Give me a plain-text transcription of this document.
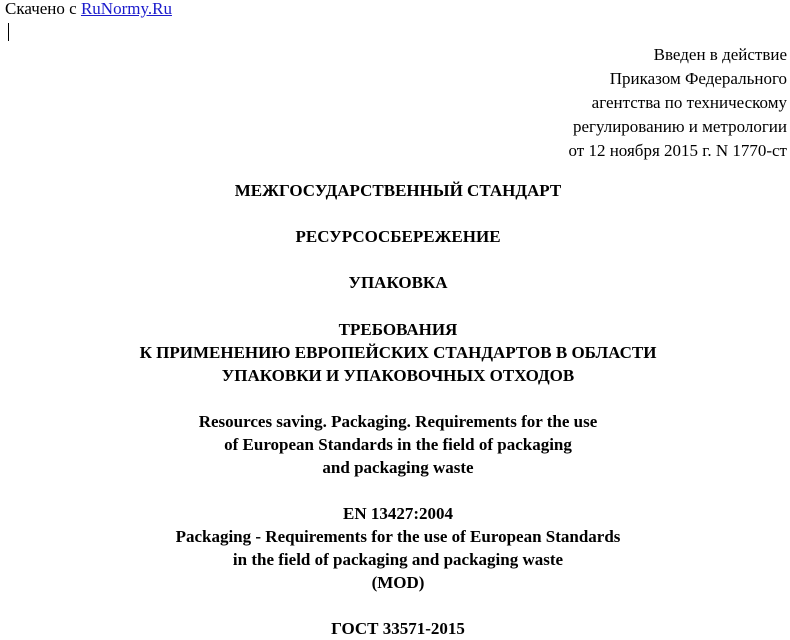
Скачено с RuNormy.Ru
Введен в действие
Приказом Федерального
агентства по техническому
регулированию и метрологии
от 12 ноября 2015 г. N 1770-ст
МЕЖГОСУДАРСТВЕННЫЙ СТАНДАРТ
РЕСУРСОСБЕРЕЖЕНИЕ
УПАКОВКА
ТРЕБОВАНИЯ
К ПРИМЕНЕНИЮ ЕВРОПЕЙСКИХ СТАНДАРТОВ В ОБЛАСТИ
УПАКОВКИ И УПАКОВОЧНЫХ ОТХОДОВ
Resources saving. Packaging. Requirements for the use
of European Standards in the field of packaging
and packaging waste
EN 13427:2004
Packaging - Requirements for the use of European Standards
in the field of packaging and packaging waste
(MOD)
ГОСТ 33571-2015
